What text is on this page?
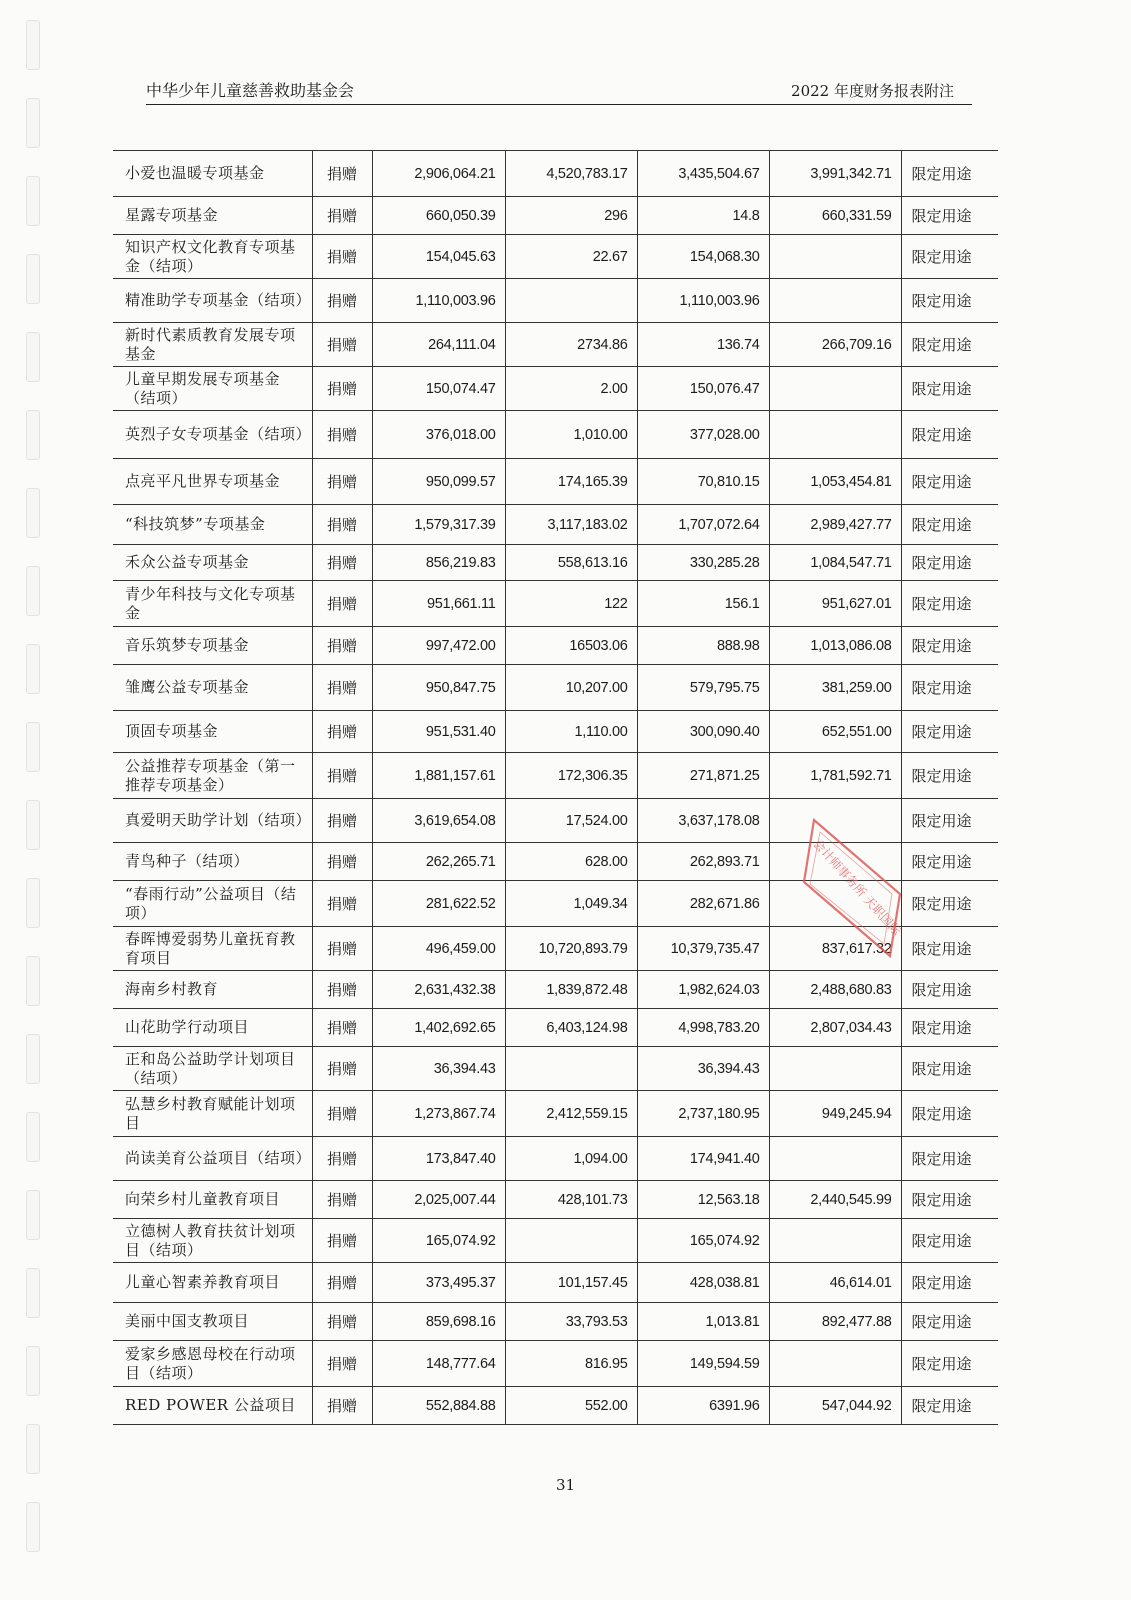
中华少年儿童慈善救助基金会	2022 年度财务报表附注
小爱也温暖专项基金	捐赠	2,906,064.21	4,520,783.17	3,435,504.67	3,991,342.71	限定用途
星露专项基金	捐赠	660,050.39	296	14.8	660,331.59	限定用途
知识产权文化教育专项基金（结项）	捐赠	154,045.63	22.67	154,068.30		限定用途
精准助学专项基金（结项）	捐赠	1,110,003.96		1,110,003.96		限定用途
新时代素质教育发展专项基金	捐赠	264,111.04	2734.86	136.74	266,709.16	限定用途
儿童早期发展专项基金（结项）	捐赠	150,074.47	2.00	150,076.47		限定用途
英烈子女专项基金（结项）	捐赠	376,018.00	1,010.00	377,028.00		限定用途
点亮平凡世界专项基金	捐赠	950,099.57	174,165.39	70,810.15	1,053,454.81	限定用途
“科技筑梦”专项基金	捐赠	1,579,317.39	3,117,183.02	1,707,072.64	2,989,427.77	限定用途
禾众公益专项基金	捐赠	856,219.83	558,613.16	330,285.28	1,084,547.71	限定用途
青少年科技与文化专项基金	捐赠	951,661.11	122	156.1	951,627.01	限定用途
音乐筑梦专项基金	捐赠	997,472.00	16503.06	888.98	1,013,086.08	限定用途
雏鹰公益专项基金	捐赠	950,847.75	10,207.00	579,795.75	381,259.00	限定用途
顶固专项基金	捐赠	951,531.40	1,110.00	300,090.40	652,551.00	限定用途
公益推荐专项基金（第一推荐专项基金）	捐赠	1,881,157.61	172,306.35	271,871.25	1,781,592.71	限定用途
真爱明天助学计划（结项）	捐赠	3,619,654.08	17,524.00	3,637,178.08		限定用途
青鸟种子（结项）	捐赠	262,265.71	628.00	262,893.71		限定用途
“春雨行动”公益项目（结项）	捐赠	281,622.52	1,049.34	282,671.86		限定用途
春晖博爱弱势儿童抚育教育项目	捐赠	496,459.00	10,720,893.79	10,379,735.47	837,617.32	限定用途
海南乡村教育	捐赠	2,631,432.38	1,839,872.48	1,982,624.03	2,488,680.83	限定用途
山花助学行动项目	捐赠	1,402,692.65	6,403,124.98	4,998,783.20	2,807,034.43	限定用途
正和岛公益助学计划项目（结项）	捐赠	36,394.43		36,394.43		限定用途
弘慧乡村教育赋能计划项目	捐赠	1,273,867.74	2,412,559.15	2,737,180.95	949,245.94	限定用途
尚读美育公益项目（结项）	捐赠	173,847.40	1,094.00	174,941.40		限定用途
向荣乡村儿童教育项目	捐赠	2,025,007.44	428,101.73	12,563.18	2,440,545.99	限定用途
立德树人教育扶贫计划项目（结项）	捐赠	165,074.92		165,074.92		限定用途
儿童心智素养教育项目	捐赠	373,495.37	101,157.45	428,038.81	46,614.01	限定用途
美丽中国支教项目	捐赠	859,698.16	33,793.53	1,013.81	892,477.88	限定用途
爱家乡感恩母校在行动项目（结项）	捐赠	148,777.64	816.95	149,594.59		限定用途
RED POWER 公益项目	捐赠	552,884.88	552.00	6391.96	547,044.92	限定用途
会计师事务所 天职国际
31
